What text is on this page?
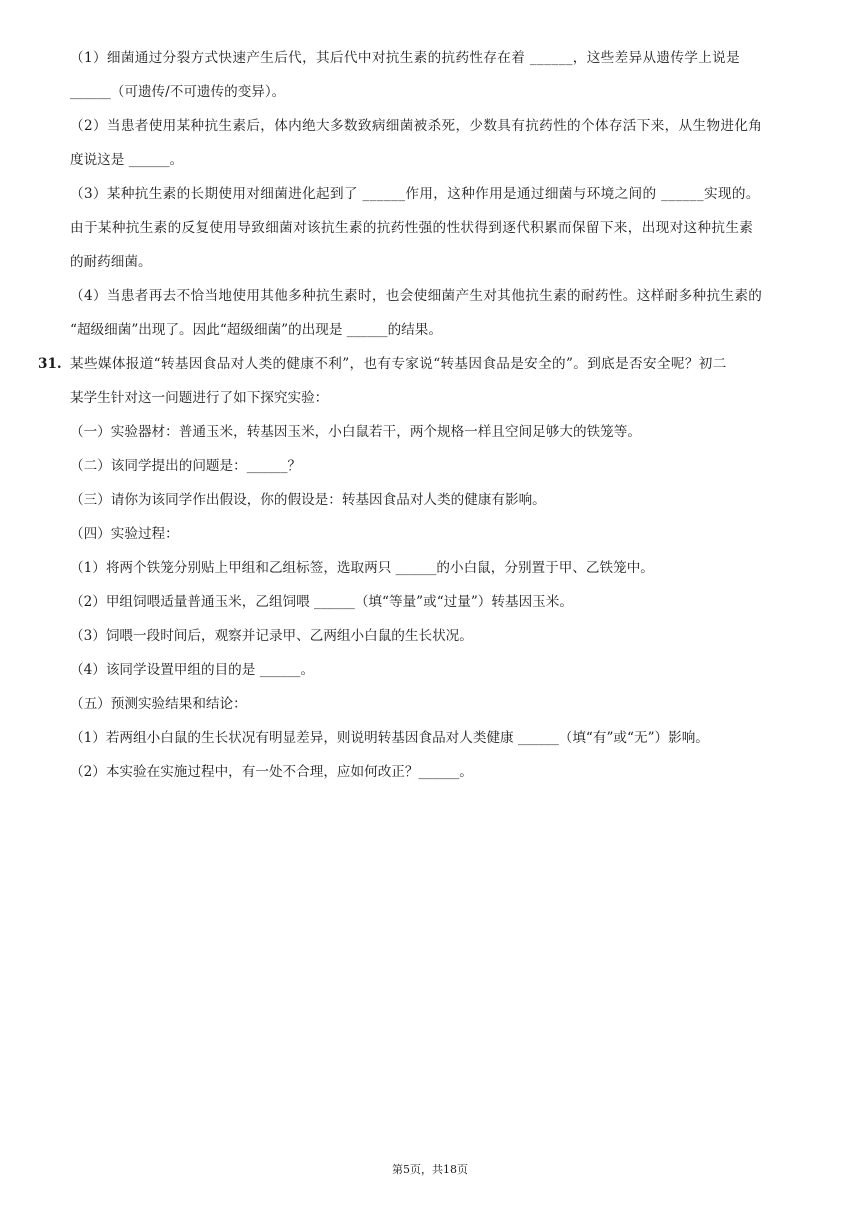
（1）细菌通过分裂方式快速产生后代，其后代中对抗生素的抗药性存在着 ______，这些差异从遗传学上说是
______（可遗传/不可遗传的变异）。
（2）当患者使用某种抗生素后，体内绝大多数致病细菌被杀死，少数具有抗药性的个体存活下来，从生物进化角
度说这是 ______。
（3）某种抗生素的长期使用对细菌进化起到了 ______作用，这种作用是通过细菌与环境之间的 ______实现的。
由于某种抗生素的反复使用导致细菌对该抗生素的抗药性强的性状得到逐代积累而保留下来，出现对这种抗生素
的耐药细菌。
（4）当患者再去不恰当地使用其他多种抗生素时，也会使细菌产生对其他抗生素的耐药性。这样耐多种抗生素的
“超级细菌”出现了。因此“超级细菌”的出现是 ______的结果。
31. 某些媒体报道“转基因食品对人类的健康不利”，也有专家说“转基因食品是安全的”。到底是否安全呢？初二
某学生针对这一问题进行了如下探究实验：
（一）实验器材：普通玉米，转基因玉米，小白鼠若干，两个规格一样且空间足够大的铁笼等。
（二）该同学提出的问题是：______？
（三）请你为该同学作出假设，你的假设是：转基因食品对人类的健康有影响。
（四）实验过程：
（1）将两个铁笼分别贴上甲组和乙组标签，选取两只 ______的小白鼠，分别置于甲、乙铁笼中。
（2）甲组饲喂适量普通玉米，乙组饲喂 ______（填“等量”或“过量”）转基因玉米。
（3）饲喂一段时间后，观察并记录甲、乙两组小白鼠的生长状况。
（4）该同学设置甲组的目的是 ______。
（五）预测实验结果和结论：
（1）若两组小白鼠的生长状况有明显差异，则说明转基因食品对人类健康 ______（填“有”或“无”）影响。
（2）本实验在实施过程中，有一处不合理，应如何改正？______。
第5页，共18页
